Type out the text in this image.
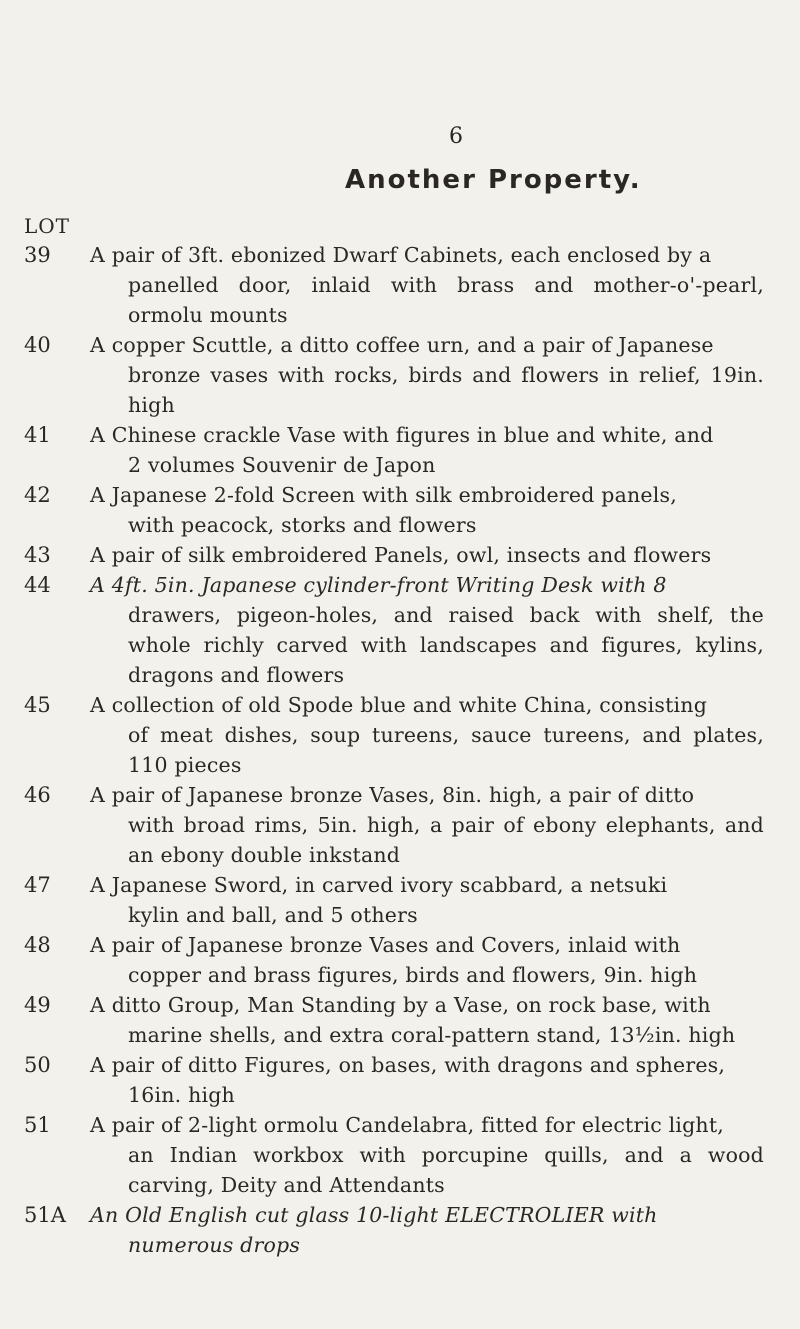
6
Another Property.
LOT
39	A pair of 3ft. ebonized Dwarf Cabinets, each enclosed by a
panelled door, inlaid with brass and mother-o'-pearl, ormolu mounts
40	A copper Scuttle, a ditto coffee urn, and a pair of Japanese
bronze vases with rocks, birds and flowers in relief, 19in. high
41	A Chinese crackle Vase with figures in blue and white, and
2 volumes Souvenir de Japon
42	A Japanese 2-fold Screen with silk embroidered panels,
with peacock, storks and flowers
43	A pair of silk embroidered Panels, owl, insects and flowers
44	A 4ft. 5in. Japanese cylinder-front Writing Desk with 8
drawers, pigeon-holes, and raised back with shelf, the whole richly carved with landscapes and figures, kylins, dragons and flowers
45	A collection of old Spode blue and white China, consisting
of meat dishes, soup tureens, sauce tureens, and plates, 110 pieces
46	A pair of Japanese bronze Vases, 8in. high, a pair of ditto
with broad rims, 5in. high, a pair of ebony elephants, and an ebony double inkstand
47	A Japanese Sword, in carved ivory scabbard, a netsuki
kylin and ball, and 5 others
48	A pair of Japanese bronze Vases and Covers, inlaid with
copper and brass figures, birds and flowers, 9in. high
49	A ditto Group, Man Standing by a Vase, on rock base, with
marine shells, and extra coral-pattern stand, 13½in. high
50	A pair of ditto Figures, on bases, with dragons and spheres,
16in. high
51	A pair of 2-light ormolu Candelabra, fitted for electric light,
an Indian workbox with porcupine quills, and a wood carving, Deity and Attendants
51A	An Old English cut glass 10-light ELECTROLIER with
numerous drops
